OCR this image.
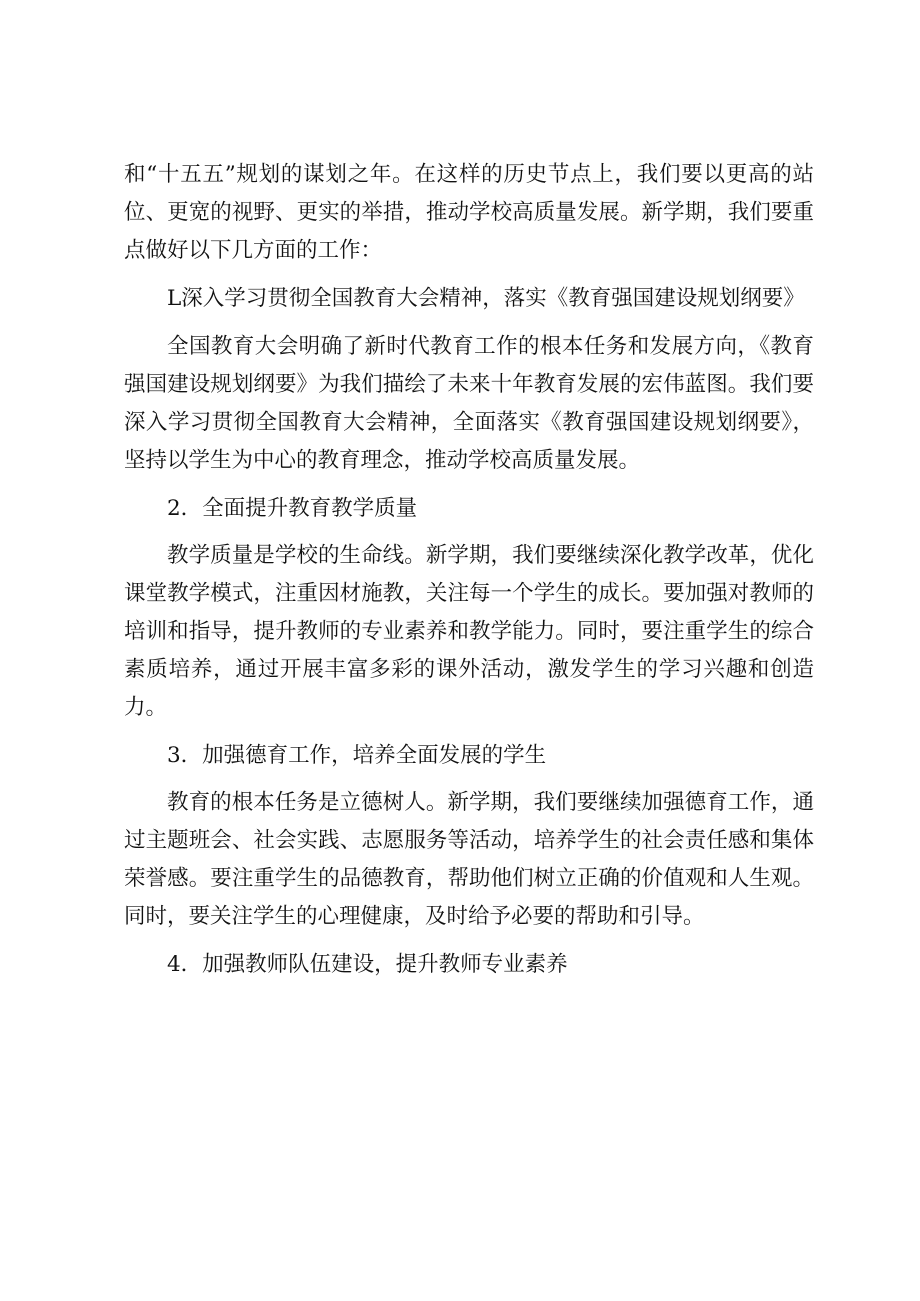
和“十五五”规划的谋划之年。在这样的历史节点上，我们要以更高的站位、更宽的视野、更实的举措，推动学校高质量发展。新学期，我们要重点做好以下几方面的工作：

L深入学习贯彻全国教育大会精神，落实《教育强国建设规划纲要》

全国教育大会明确了新时代教育工作的根本任务和发展方向，《教育强国建设规划纲要》为我们描绘了未来十年教育发展的宏伟蓝图。我们要深入学习贯彻全国教育大会精神，全面落实《教育强国建设规划纲要》，坚持以学生为中心的教育理念，推动学校高质量发展。

2．全面提升教育教学质量

教学质量是学校的生命线。新学期，我们要继续深化教学改革，优化课堂教学模式，注重因材施教，关注每一个学生的成长。要加强对教师的培训和指导，提升教师的专业素养和教学能力。同时，要注重学生的综合素质培养，通过开展丰富多彩的课外活动，激发学生的学习兴趣和创造力。

3．加强德育工作，培养全面发展的学生

教育的根本任务是立德树人。新学期，我们要继续加强德育工作，通过主题班会、社会实践、志愿服务等活动，培养学生的社会责任感和集体荣誉感。要注重学生的品德教育，帮助他们树立正确的价值观和人生观。同时，要关注学生的心理健康，及时给予必要的帮助和引导。

4．加强教师队伍建设，提升教师专业素养
